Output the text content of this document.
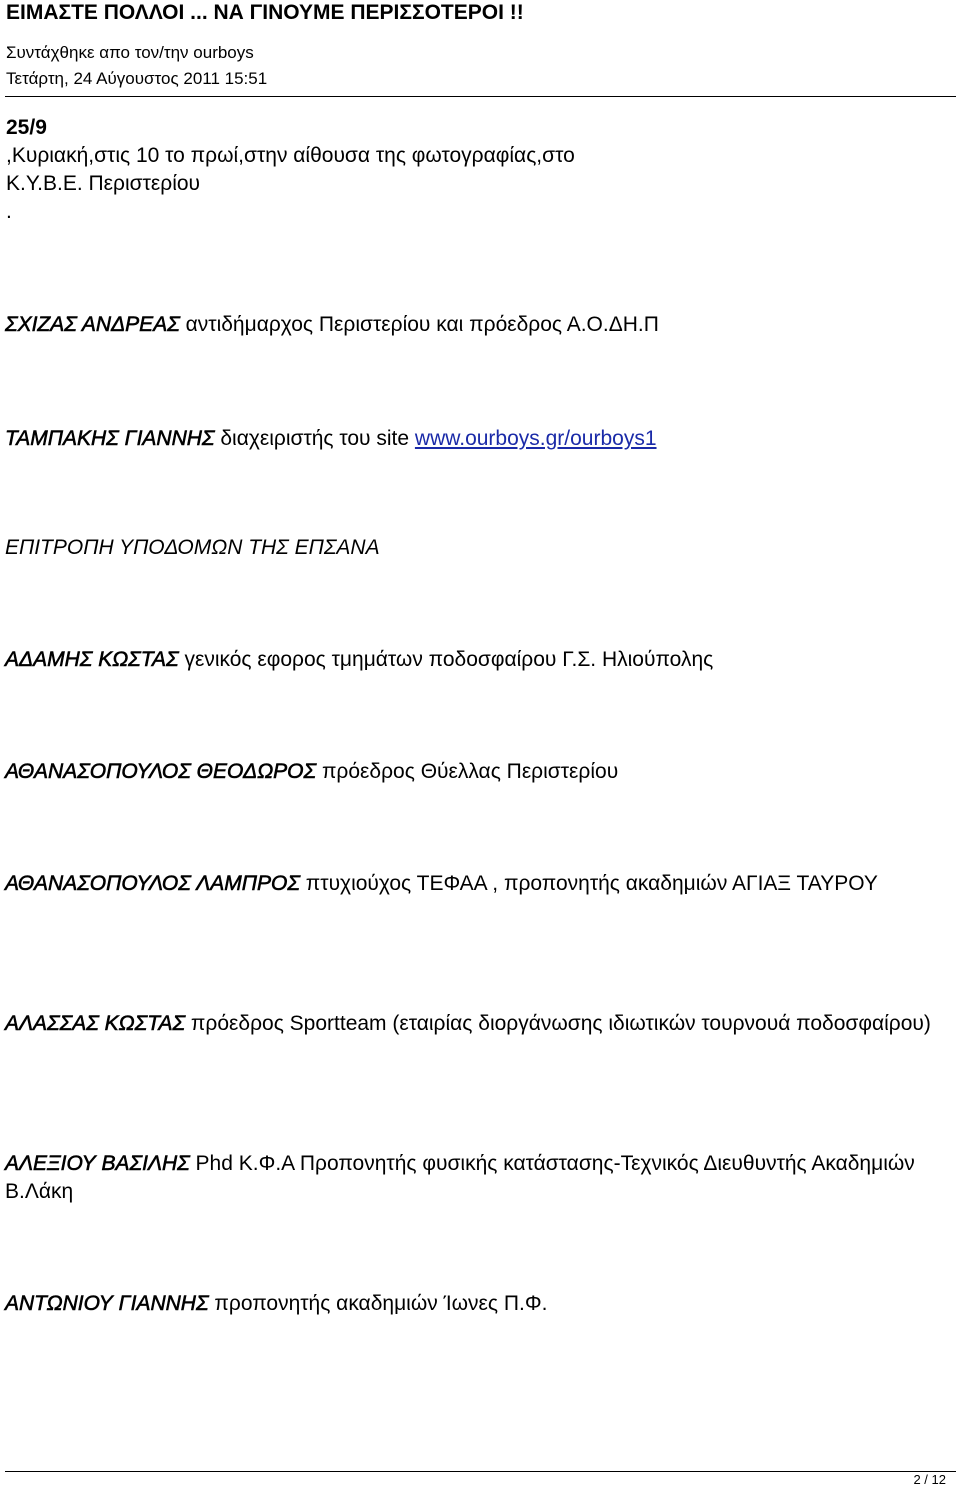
ΕΙΜΑΣΤΕ ΠΟΛΛΟΙ ... ΝΑ ΓΙΝΟΥΜΕ ΠΕΡΙΣΣΟΤΕΡΟΙ !!
Συντάχθηκε απο τον/την ourboys
Τετάρτη, 24 Αύγουστος 2011 15:51
25/9
,Κυριακή,στις 10 το πρωί,στην αίθουσα της φωτογραφίας,στο
Κ.Υ.Β.Ε. Περιστερίου
.
ΣΧΙΖΑΣ ΑΝΔΡΕΑΣ αντιδήμαρχος Περιστερίου και πρόεδρος Α.Ο.ΔΗ.Π
ΤΑΜΠΑΚΗΣ ΓΙΑΝΝΗΣ διαχειριστής του site www.ourboys.gr/ourboys1
ΕΠΙΤΡΟΠΗ ΥΠΟΔΟΜΩΝ ΤΗΣ ΕΠΣΑΝΑ
ΑΔΑΜΗΣ ΚΩΣΤΑΣ γενικός εφορος τμημάτων ποδοσφαίρου Γ.Σ. Ηλιούπολης
ΑΘΑΝΑΣΟΠΟΥΛΟΣ ΘΕΟΔΩΡΟΣ πρόεδρος Θύελλας Περιστερίου
ΑΘΑΝΑΣΟΠΟΥΛΟΣ ΛΑΜΠΡΟΣ πτυχιούχος ΤΕΦΑΑ , προπονητής ακαδημιών ΑΓΙΑΞ ΤΑΥΡΟΥ
ΑΛΑΣΣΑΣ ΚΩΣΤΑΣ πρόεδρος Sportteam (εταιρίας διοργάνωσης ιδιωτικών τουρνουά ποδοσφαίρου)
ΑΛΕΞΙΟΥ ΒΑΣΙΛΗΣ Phd Κ.Φ.Α Προπονητής φυσικής κατάστασης-Τεχνικός Διευθυντής Ακαδημιών Β.Λάκη
ΑΝΤΩΝΙΟΥ ΓΙΑΝΝΗΣ προπονητής ακαδημιών Ίωνες Π.Φ.
2 / 12
